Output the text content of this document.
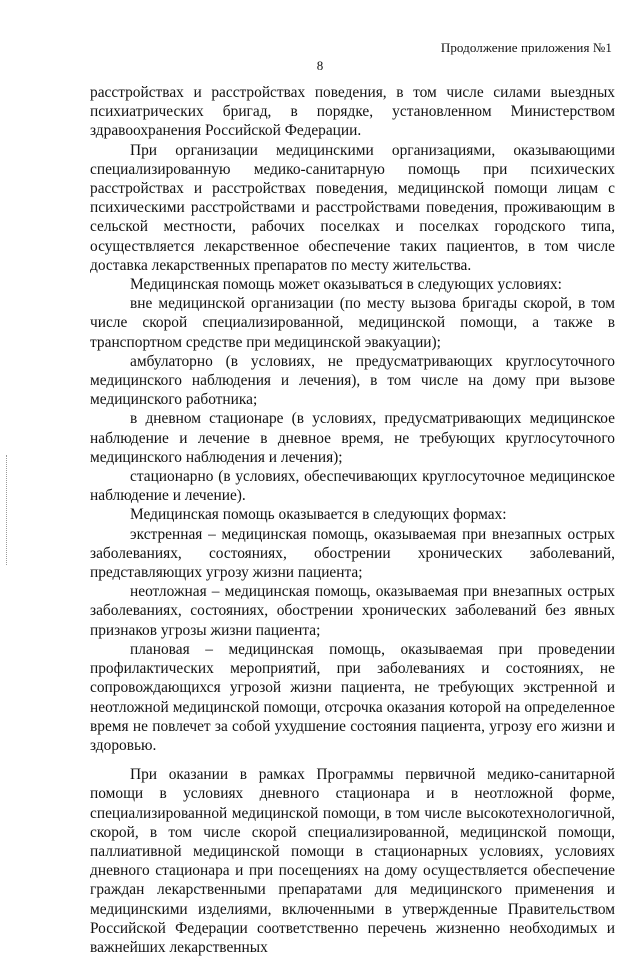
Продолжение приложения №1
8

расстройствах и расстройствах поведения, в том числе силами выездных психиатрических бригад, в порядке, установленном Министерством здравоохранения Российской Федерации.

При организации медицинскими организациями, оказывающими специализированную медико-санитарную помощь при психических расстройствах и расстройствах поведения, медицинской помощи лицам с психическими расстройствами и расстройствами поведения, проживающим в сельской местности, рабочих поселках и поселках городского типа, осуществляется лекарственное обеспечение таких пациентов, в том числе доставка лекарственных препаратов по месту жительства.

Медицинская помощь может оказываться в следующих условиях:

вне медицинской организации (по месту вызова бригады скорой, в том числе скорой специализированной, медицинской помощи, а также в транспортном средстве при медицинской эвакуации);

амбулаторно (в условиях, не предусматривающих круглосуточного медицинского наблюдения и лечения), в том числе на дому при вызове медицинского работника;

в дневном стационаре (в условиях, предусматривающих медицинское наблюдение и лечение в дневное время, не требующих круглосуточного медицинского наблюдения и лечения);

стационарно (в условиях, обеспечивающих круглосуточное медицинское наблюдение и лечение).

Медицинская помощь оказывается в следующих формах:

экстренная – медицинская помощь, оказываемая при внезапных острых заболеваниях, состояниях, обострении хронических заболеваний, представляющих угрозу жизни пациента;

неотложная – медицинская помощь, оказываемая при внезапных острых заболеваниях, состояниях, обострении хронических заболеваний без явных признаков угрозы жизни пациента;

плановая – медицинская помощь, оказываемая при проведении профилактических мероприятий, при заболеваниях и состояниях, не сопровождающихся угрозой жизни пациента, не требующих экстренной и неотложной медицинской помощи, отсрочка оказания которой на определенное время не повлечет за собой ухудшение состояния пациента, угрозу его жизни и здоровью.

При оказании в рамках Программы первичной медико-санитарной помощи в условиях дневного стационара и в неотложной форме, специализированной медицинской помощи, в том числе высокотехнологичной, скорой, в том числе скорой специализированной, медицинской помощи, паллиативной медицинской помощи в стационарных условиях, условиях дневного стационара и при посещениях на дому осуществляется обеспечение граждан лекарственными препаратами для медицинского применения и медицинскими изделиями, включенными в утвержденные Правительством Российской Федерации соответственно перечень жизненно необходимых и важнейших лекарственных
